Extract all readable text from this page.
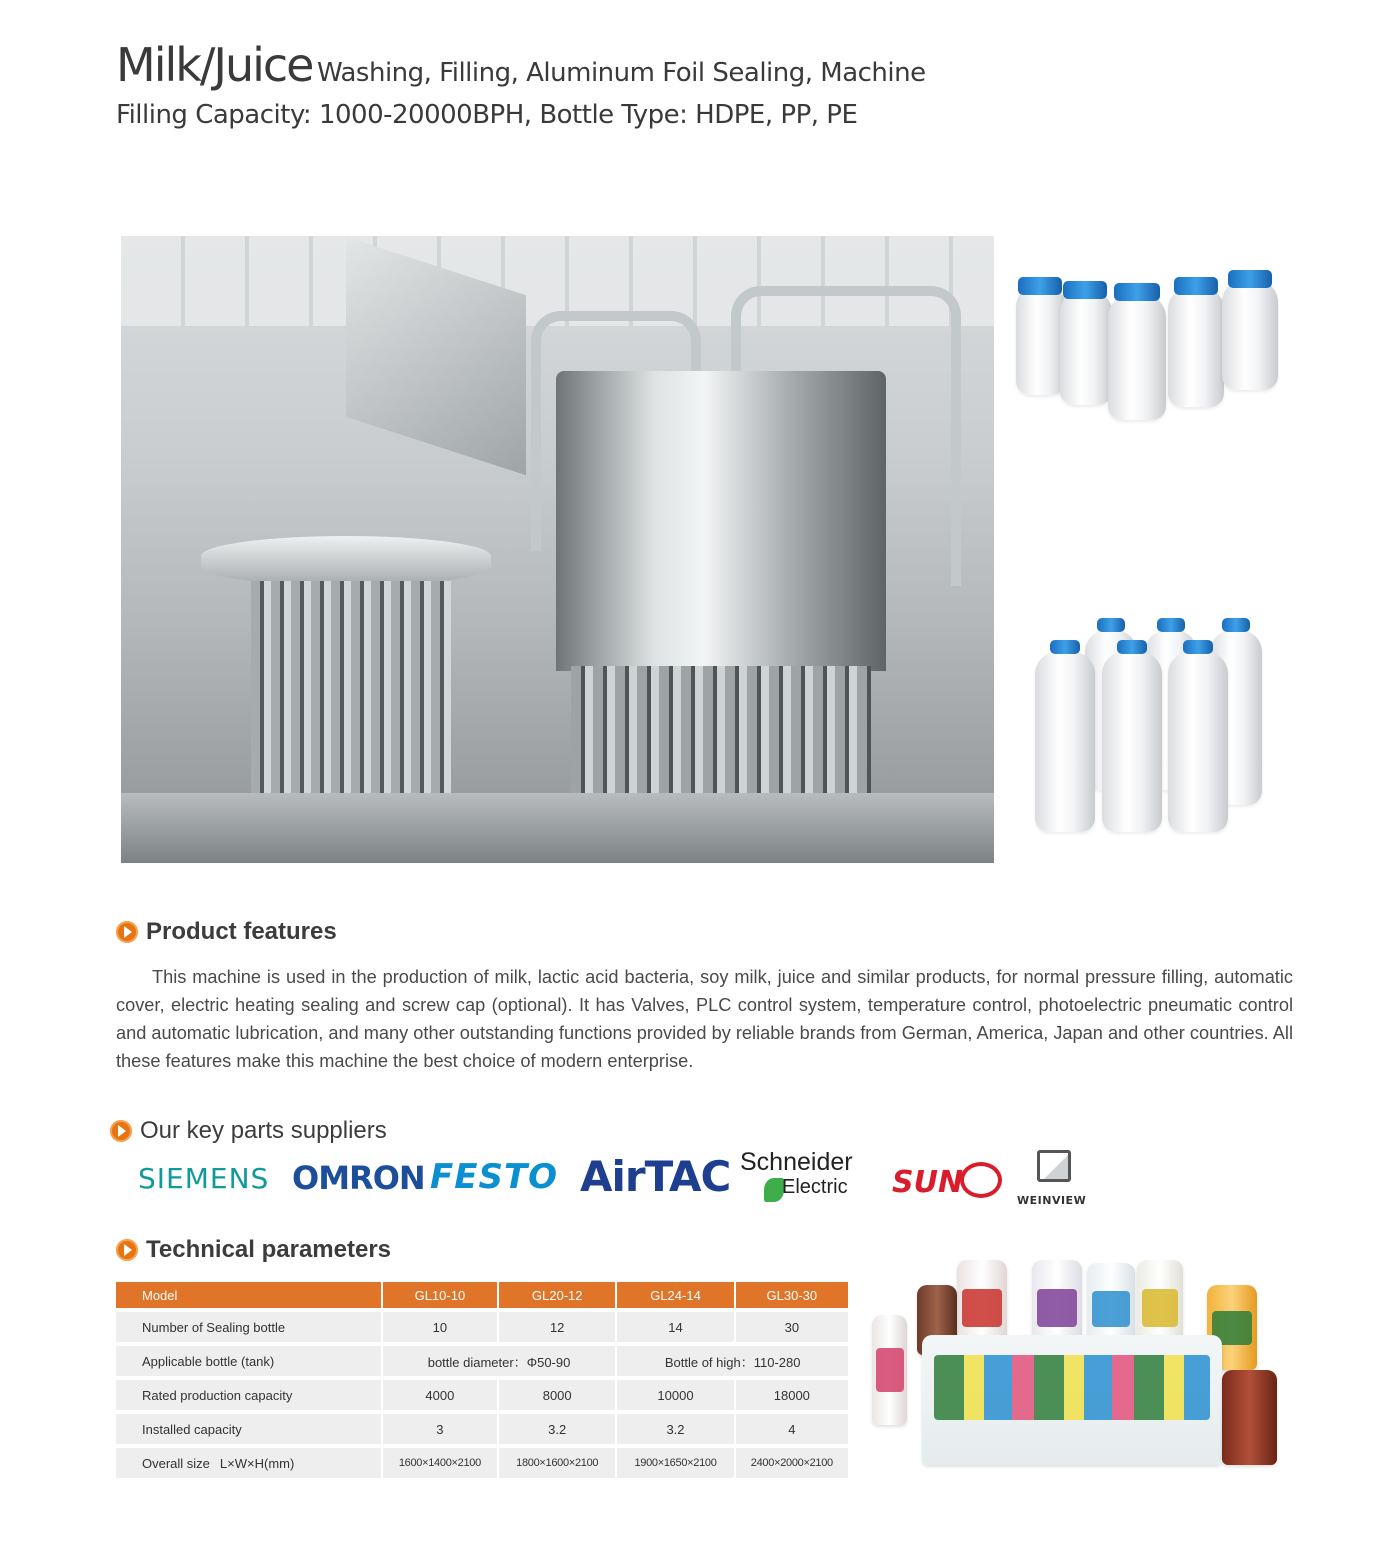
Milk/Juice Washing, Filling, Aluminum Foil Sealing, Machine
Filling Capacity: 1000-20000BPH, Bottle Type: HDPE, PP, PE
Product features

This machine is used in the production of milk, lactic acid bacteria, soy milk, juice and similar products, for normal pressure filling, automatic cover, electric heating sealing and screw cap (optional). It has Valves, PLC control system, temperature control, photoelectric pneumatic control and automatic lubrication, and many other outstanding functions provided by reliable brands from German, America, Japan and other countries. All these features make this machine the best choice of modern enterprise.

Our key parts suppliers
SIEMENS OMRON FESTO AirTAC Schneider
Electric SUN
WEINVIEW
Technical parameters
Model	GL10-10	GL20-12	GL24-14	GL30-30
Number of Sealing bottle	10	12	14	30
Applicable bottle (tank)	bottle diameter：Φ50-90		Bottle of high：110-280	
Rated production capacity	4000	8000	10000	18000
Installed capacity	3	3.2	3.2	4
Overall size L×W×H(mm)	1600×1400×2100	1800×1600×2100	1900×1650×2100	2400×2000×2100
